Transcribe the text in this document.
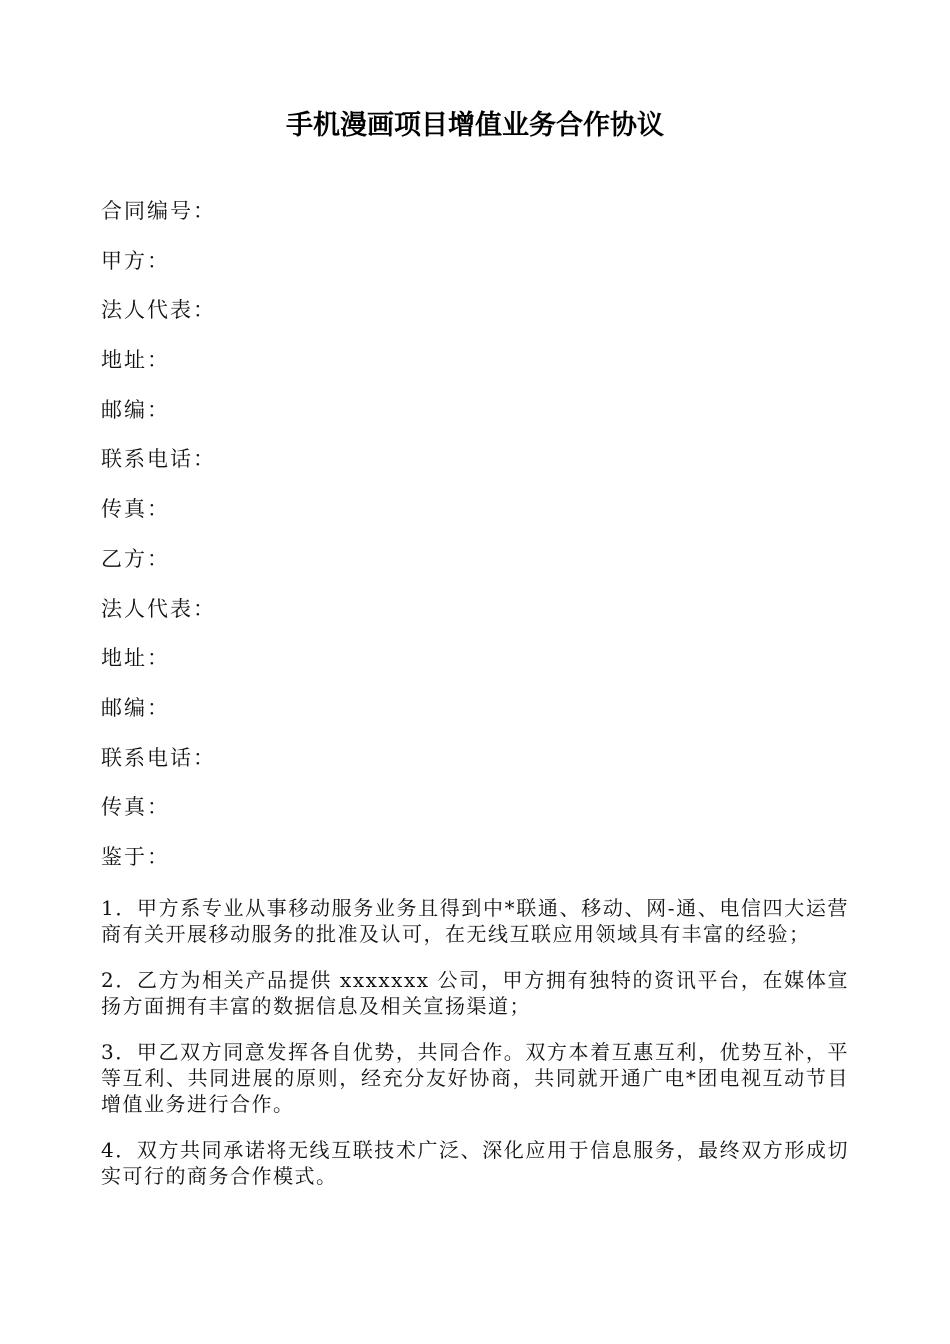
手机漫画项目增值业务合作协议
合同编号：
甲方：
法人代表：
地址：
邮编：
联系电话：
传真：
乙方：
法人代表：
地址：
邮编：
联系电话：
传真：
鉴于：

1．甲方系专业从事移动服务业务且得到中*联通、移动、网-通、电信四大运营商有关开展移动服务的批准及认可，在无线互联应用领域具有丰富的经验；

2．乙方为相关产品提供 xxxxxxx 公司，甲方拥有独特的资讯平台，在媒体宣扬方面拥有丰富的数据信息及相关宣扬渠道；

3．甲乙双方同意发挥各自优势，共同合作。双方本着互惠互利，优势互补，平等互利、共同进展的原则，经充分友好协商，共同就开通广电*团电视互动节目增值业务进行合作。

4．双方共同承诺将无线互联技术广泛、深化应用于信息服务，最终双方形成切实可行的商务合作模式。
